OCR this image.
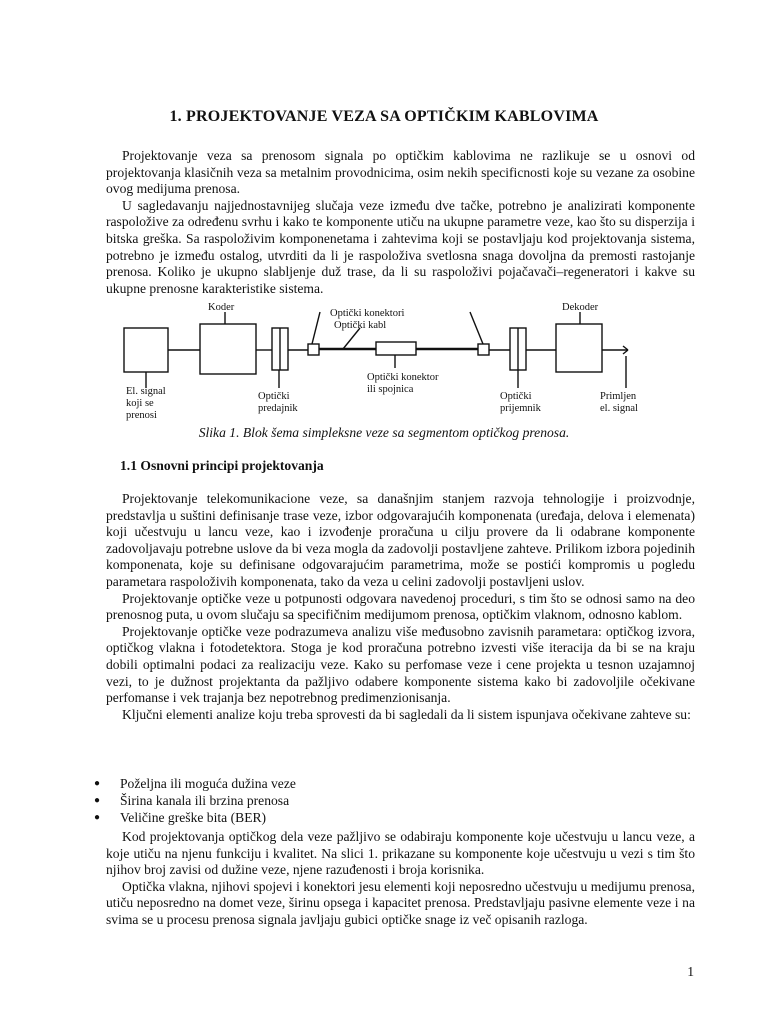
1. PROJEKTOVANJE VEZA SA OPTIČKIM KABLOVIMA

Projektovanje veza sa prenosom signala po optičkim kablovima ne razlikuje se u osnovi od projektovanja klasičnih veza sa metalnim provodnicima, osim nekih specificnosti koje su vezane za osobine ovog medijuma prenosa.

U sagledavanju najjednostavnijeg slučaja veze između dve tačke, potrebno je analizirati komponente raspoložive za određenu svrhu i kako te komponente utiču na ukupne parametre veze, kao što su disperzija i bitska greška. Sa raspoloživim komponenetama i zahtevima koji se postavljaju kod projektovanja sistema, potrebno je između ostalog, utvrditi da li je raspoloživa svetlosna snaga dovoljna da premosti rastojanje prenosa. Koliko je ukupno slabljenje duž trase, da li su raspoloživi pojačavači–regeneratori i kakve su ukupne prenosne karakteristike sistema.

Koder	Dekoder
Optički konektori
Optički kabl
Optički konektor
ili spojnica
El. signal
koji se
prenosi
Optički
predajnik
Optički
prijemnik
Primljen
el. signal
Slika 1. Blok šema simpleksne veze sa segmentom optičkog prenosa.
1.1 Osnovni principi projektovanja

Projektovanje telekomunikacione veze, sa današnjim stanjem razvoja tehnologije i proizvodnje, predstavlja u suštini definisanje trase veze, izbor odgovarajućih komponenata (uređaja, delova i elemenata) koji učestvuju u lancu veze, kao i izvođenje proračuna u cilju provere da li odabrane komponente zadovoljavaju potrebne uslove da bi veza mogla da zadovolji postavljene zahteve. Prilikom izbora pojedinih komponenata, koje su definisane odgovarajućim parametrima, može se postići kompromis u pogledu parametara raspoloživih komponenata, tako da veza u celini zadovolji postavljeni uslov.

Projektovanje optičke veze u potpunosti odgovara navedenoj proceduri, s tim što se odnosi samo na deo prenosnog puta, u ovom slučaju sa specifičnim medijumom prenosa, optičkim vlaknom, odnosno kablom.

Projektovanje optičke veze podrazumeva analizu više međusobno zavisnih parametara: optičkog izvora, optičkog vlakna i fotodetektora. Stoga je kod proračuna potrebno izvesti više iteracija da bi se na kraju dobili optimalni podaci za realizaciju veze. Kako su perfomase veze i cene projekta u tesnon uzajamnoj vezi, to je dužnost projektanta da pažljivo odabere komponente sistema kako bi zadovoljile očekivane perfomanse i vek trajanja bez nepotrebnog predimenzionisanja.

Ključni elementi analize koju treba sprovesti da bi sagledali da li sistem ispunjava očekivane zahteve su:

● Poželjna ili moguća dužina veze
● Širina kanala ili brzina prenosa
● Veličine greške bita (BER)

Kod projektovanja optičkog dela veze pažljivo se odabiraju komponente koje učestvuju u lancu veze, a koje utiču na njenu funkciju i kvalitet. Na slici 1. prikazane su komponente koje učestvuju u vezi s tim što njihov broj zavisi od dužine veze, njene razuđenosti i broja korisnika.

Optička vlakna, njihovi spojevi i konektori jesu elementi koji neposredno učestvuju u medijumu prenosa, utiču neposredno na domet veze, širinu opsega i kapacitet prenosa. Predstavljaju pasivne elemente veze i na svima se u procesu prenosa signala javljaju gubici optičke snage iz več opisanih razloga.

1
